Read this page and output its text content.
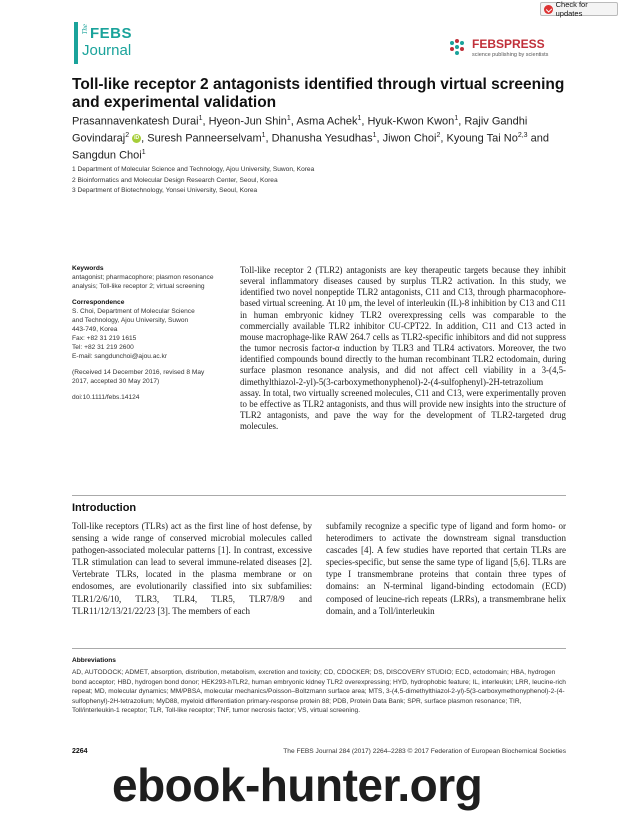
Check for updates
The FEBS
Journal	FEBSPRESS
science publishing by scientists
Toll-like receptor 2 antagonists identified through virtual screening and experimental validation
Prasannavenkatesh Durai$^1$, Hyeon-Jun Shin$^1$, Asma Achek$^1$, Hyuk-Kwon Kwon$^1$, Rajiv Gandhi Govindaraj$^2$ iD , Suresh Panneerselvam$^1$, Dhanusha Yesudhas$^1$, Jiwon Choi$^2$, Kyoung Tai No$^{2,3}$ and Sangdun Choi$^1$
1 Department of Molecular Science and Technology, Ajou University, Suwon, Korea
2 Bioinformatics and Molecular Design Research Center, Seoul, Korea
3 Department of Biotechnology, Yonsei University, Seoul, Korea

Keywords
antagonist; pharmacophore; plasmon resonance analysis; Toll-like receptor 2; virtual screening

Correspondence
S. Choi, Department of Molecular Science
and Technology, Ajou University, Suwon
443-749, Korea
Fax: +82 31 219 1615
Tel: +82 31 219 2600
E-mail: sangdunchoi@ajou.ac.kr

(Received 14 December 2016, revised 8 May 2017, accepted 30 May 2017)

doi:10.1111/febs.14124

Toll-like receptor 2 (TLR2) antagonists are key therapeutic targets because they inhibit several inflammatory diseases caused by surplus TLR2 activation. In this study, we identified two novel nonpeptide TLR2 antagonists, C11 and C13, through pharmacophore-based virtual screening. At 10 μm, the level of interleukin (IL)-8 inhibition by C13 and C11 in human embryonic kidney TLR2 overexpressing cells was comparable to the commercially available TLR2 inhibitor CU-CPT22. In addition, C11 and C13 acted in mouse macrophage-like RAW 264.7 cells as TLR2-specific inhibitors and did not suppress the tumor necrosis factor-α induction by TLR3 and TLR4 activators. Moreover, the two identified compounds bound directly to the human recombinant TLR2 ectodomain, during surface plasmon resonance analysis, and did not affect cell viability in a 3-(4,5-dimethylthiazol-2-yl)-5(3-carboxymethonyphenol)-2-(4-sulfophenyl)-2H-tetrazolium assay. In total, two virtually screened molecules, C11 and C13, were experimentally proven to be effective as TLR2 antagonists, and thus will provide new insights into the structure of TLR2 antagonists, and pave the way for the development of TLR2-targeted drug molecules.
Introduction

Toll-like receptors (TLRs) act as the first line of host defense, by sensing a wide range of conserved microbial molecules called pathogen-associated molecular patterns [1]. In contrast, excessive TLR stimulation can lead to several immune-related diseases [2]. Vertebrate TLRs, located in the plasma membrane or on endosomes, are evolutionarily classified into six subfamilies: TLR1/2/6/10, TLR3, TLR4, TLR5, TLR7/8/9 and TLR11/12/13/21/22/23 [3]. The members of each

subfamily recognize a specific type of ligand and form homo- or heterodimers to activate the downstream signal transduction cascades [4]. A few studies have reported that certain TLRs are species-specific, but sense the same type of ligand [5,6]. TLRs are type I transmembrane proteins that contain three types of domains: an N-terminal ligand-binding ectodomain (ECD) composed of leucine-rich repeats (LRRs), a transmembrane helix domain, and a Toll/interleukin

Abbreviations
AD, AUTODOCK; ADMET, absorption, distribution, metabolism, excretion and toxicity; CD, CDOCKER; DS, DISCOVERY STUDIO; ECD, ectodomain; HBA, hydrogen bond acceptor; HBD, hydrogen bond donor; HEK293-hTLR2, human embryonic kidney TLR2 overexpressing; HYD, hydrophobic feature; IL, interleukin; LRR, leucine-rich repeat; MD, molecular dynamics; MM/PBSA, molecular mechanics/Poisson–Boltzmann surface area; MTS, 3-(4,5-dimethylthiazol-2-yl)-5(3-carboxymethonyphenol)-2-(4-sulfophenyl)-2H-tetrazolium; MyD88, myeloid differentiation primary-response protein 88; PDB, Protein Data Bank; SPR, surface plasmon resonance; TIR, Toll/interleukin-1 receptor; TLR, Toll-like receptor; TNF, tumor necrosis factor; VS, virtual screening.
2264	The FEBS Journal 284 (2017) 2264–2283 © 2017 Federation of European Biochemical Societies
ebook-hunter.org
